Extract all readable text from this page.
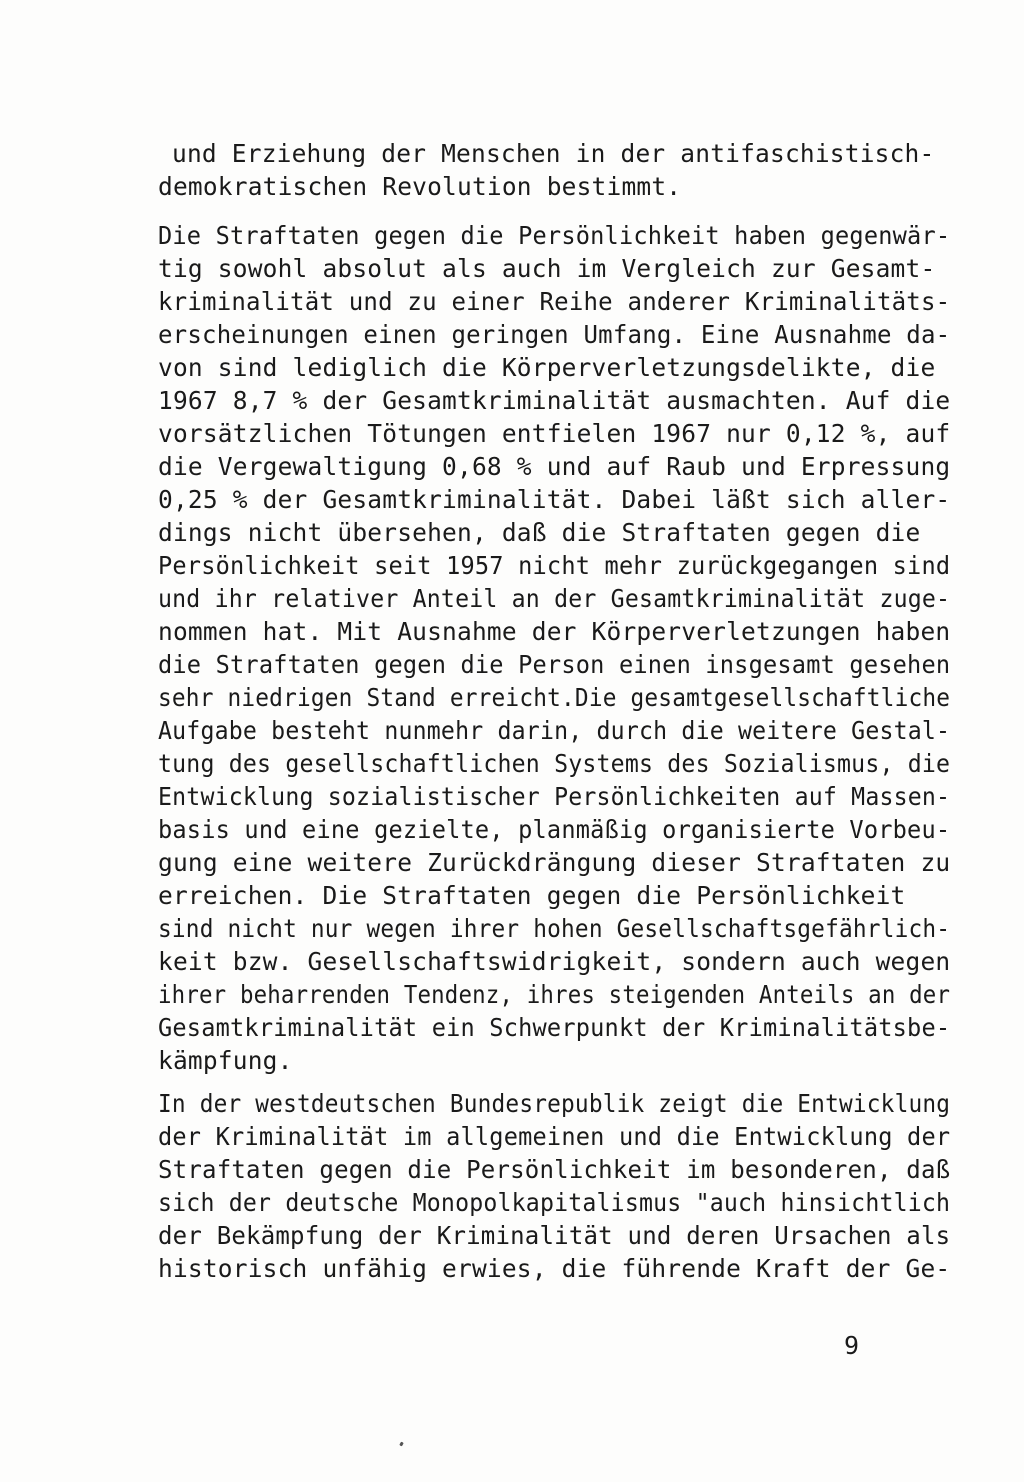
und Erziehung der Menschen in der antifaschistisch-
demokratischen Revolution bestimmt.
Die Straftaten gegen die Persönlichkeit haben gegenwär-
tig sowohl absolut als auch im Vergleich zur Gesamt-
kriminalität und zu einer Reihe anderer Kriminalitäts-
erscheinungen einen geringen Umfang. Eine Ausnahme da-
von sind lediglich die Körperverletzungsdelikte, die
1967 8,7 % der Gesamtkriminalität ausmachten. Auf die
vorsätzlichen Tötungen entfielen 1967 nur 0,12 %, auf
die Vergewaltigung 0,68 % und auf Raub und Erpressung
0,25 % der Gesamtkriminalität. Dabei läßt sich aller-
dings nicht übersehen, daß die Straftaten gegen die
Persönlichkeit seit 1957 nicht mehr zurückgegangen sind
und ihr relativer Anteil an der Gesamtkriminalität zuge-
nommen hat. Mit Ausnahme der Körperverletzungen haben
die Straftaten gegen die Person einen insgesamt gesehen
sehr niedrigen Stand erreicht.Die gesamtgesellschaftliche
Aufgabe besteht nunmehr darin, durch die weitere Gestal-
tung des gesellschaftlichen Systems des Sozialismus, die
Entwicklung sozialistischer Persönlichkeiten auf Massen-
basis und eine gezielte, planmäßig organisierte Vorbeu-
gung eine weitere Zurückdrängung dieser Straftaten zu
erreichen. Die Straftaten gegen die Persönlichkeit
sind nicht nur wegen ihrer hohen Gesellschaftsgefährlich-
keit bzw. Gesellschaftswidrigkeit, sondern auch wegen
ihrer beharrenden Tendenz, ihres steigenden Anteils an der
Gesamtkriminalität ein Schwerpunkt der Kriminalitätsbe-
kämpfung.
In der westdeutschen Bundesrepublik zeigt die Entwicklung
der Kriminalität im allgemeinen und die Entwicklung der
Straftaten gegen die Persönlichkeit im besonderen, daß
sich der deutsche Monopolkapitalismus "auch hinsichtlich
der Bekämpfung der Kriminalität und deren Ursachen als
historisch unfähig erwies, die führende Kraft der Ge-
9
